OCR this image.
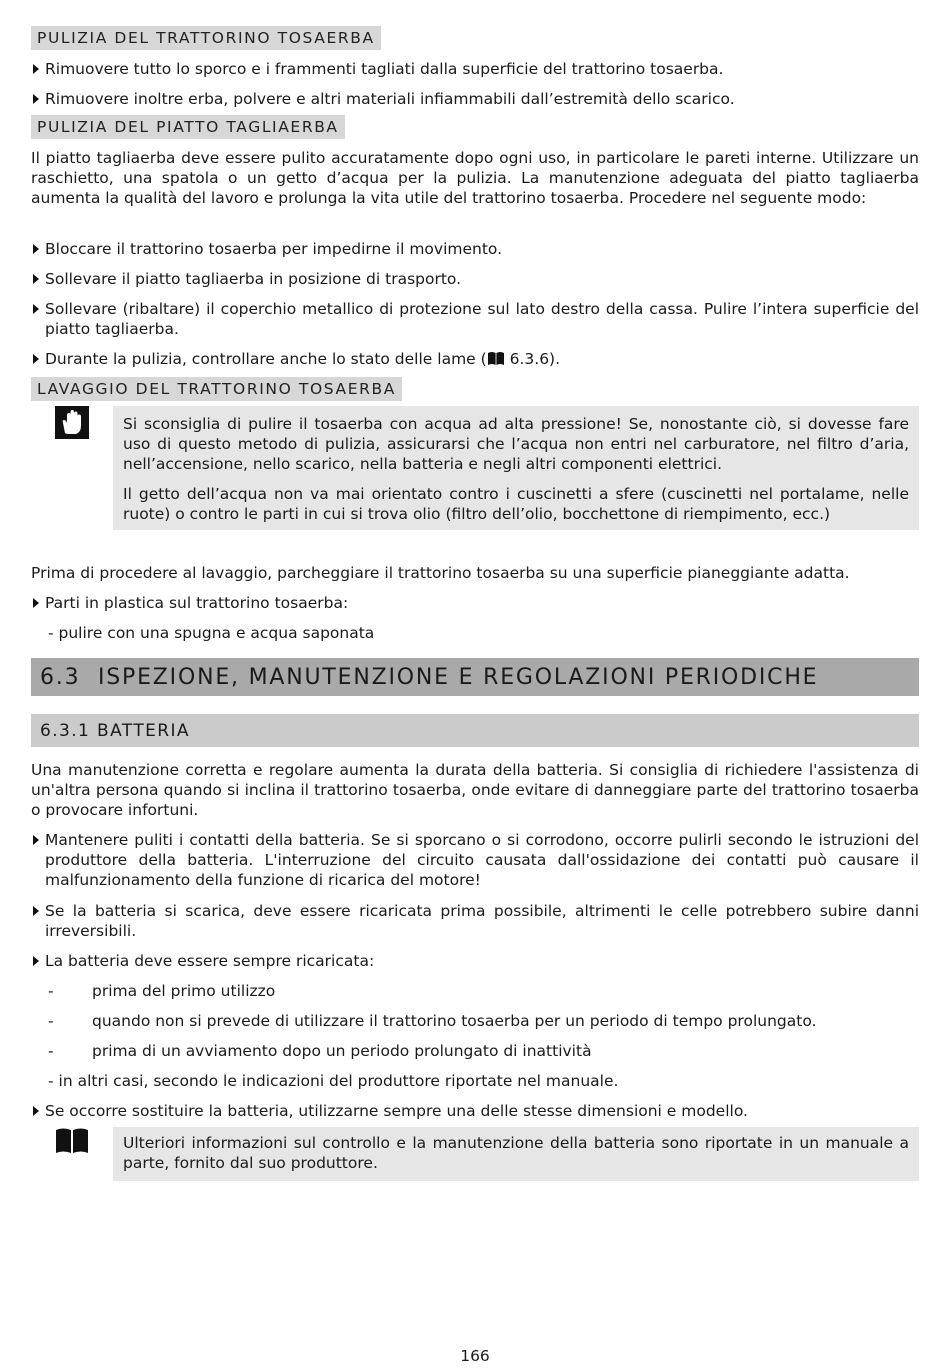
PULIZIA DEL TRATTORINO TOSAERBA
Rimuovere tutto lo sporco e i frammenti tagliati dalla superficie del trattorino tosaerba.
Rimuovere inoltre erba, polvere e altri materiali infiammabili dall’estremità dello scarico.
PULIZIA DEL PIATTO TAGLIAERBA
Il piatto tagliaerba deve essere pulito accuratamente dopo ogni uso, in particolare le pareti interne. Utilizzare un raschietto, una spatola o un getto d’acqua per la pulizia. La manutenzione adeguata del piatto tagliaerba aumenta la qualità del lavoro e prolunga la vita utile del trattorino tosaerba. Procedere nel seguente modo:
Bloccare il trattorino tosaerba per impedirne il movimento.
Sollevare il piatto tagliaerba in posizione di trasporto.
Sollevare (ribaltare) il coperchio metallico di protezione sul lato destro della cassa. Pulire l’intera superficie del piatto tagliaerba.
Durante la pulizia, controllare anche lo stato delle lame ( 6.3.6).
LAVAGGIO DEL TRATTORINO TOSAERBA

Si sconsiglia di pulire il tosaerba con acqua ad alta pressione! Se, nonostante ciò, si dovesse fare uso di questo metodo di pulizia, assicurarsi che l’acqua non entri nel carburatore, nel filtro d’aria, nell’accensione, nello scarico, nella batteria e negli altri componenti elettrici.

Il getto dell’acqua non va mai orientato contro i cuscinetti a sfere (cuscinetti nel portalame, nelle ruote) o contro le parti in cui si trova olio (filtro dell’olio, bocchettone di riempimento, ecc.)

Prima di procedere al lavaggio, parcheggiare il trattorino tosaerba su una superficie pianeggiante adatta.
Parti in plastica sul trattorino tosaerba:
- pulire con una spugna e acqua saponata
6.3  ISPEZIONE, MANUTENZIONE E REGOLAZIONI PERIODICHE
6.3.1 BATTERIA
Una manutenzione corretta e regolare aumenta la durata della batteria. Si consiglia di richiedere l'assistenza di un'altra persona quando si inclina il trattorino tosaerba, onde evitare di danneggiare parte del trattorino tosaerba o provocare infortuni.
Mantenere puliti i contatti della batteria. Se si sporcano o si corrodono, occorre pulirli secondo le istruzioni del produttore della batteria. L'interruzione del circuito causata dall'ossidazione dei contatti può causare il malfunzionamento della funzione di ricarica del motore!
Se la batteria si scarica, deve essere ricaricata prima possibile, altrimenti le celle potrebbero subire danni irreversibili.
La batteria deve essere sempre ricaricata:
- prima del primo utilizzo
- quando non si prevede di utilizzare il trattorino tosaerba per un periodo di tempo prolungato.
- prima di un avviamento dopo un periodo prolungato di inattività
- in altri casi, secondo le indicazioni del produttore riportate nel manuale.
Se occorre sostituire la batteria, utilizzarne sempre una delle stesse dimensioni e modello.

Ulteriori informazioni sul controllo e la manutenzione della batteria sono riportate in un manuale a parte, fornito dal suo produttore.

166
